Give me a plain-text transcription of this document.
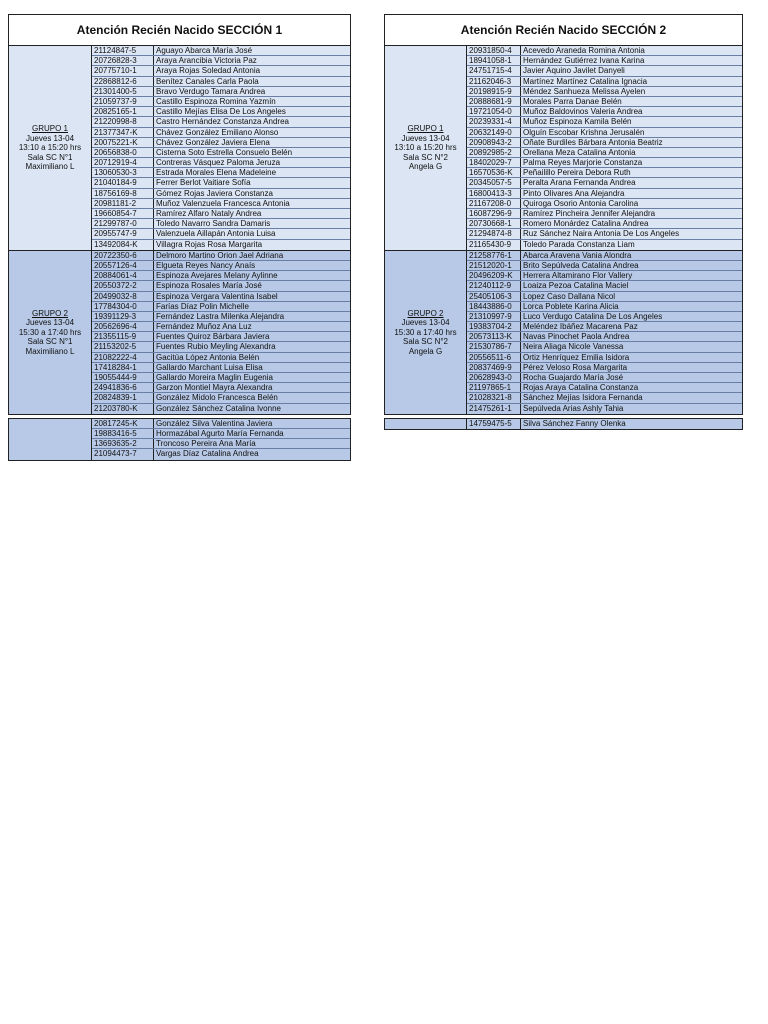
Atención Recién Nacido SECCIÓN 1
GRUPO 1
Jueves 13-04
13:10 a 15:20 hrs
Sala SC N°1
Maximiliano L
21124847-5	Aguayo Abarca María José
20726828-3	Araya Arancibia Victoria Paz
20775710-1	Araya Rojas Soledad Antonia
22868812-6	Benítez Canales Carla Paola
21301400-5	Bravo Verdugo Tamara Andrea
21059737-9	Castillo Espinoza Romina Yazmín
20825165-1	Castillo Mejías Elisa De Los Angeles
21220998-8	Castro Hernández Constanza Andrea
21377347-K	Chávez González Emiliano Alonso
20075221-K	Chávez González Javiera Elena
20656838-0	Cisterna Soto Estrella Consuelo Belén
20712919-4	Contreras Vásquez Paloma Jeruza
13060530-3	Estrada Morales Elena Madeleine
21040184-9	Ferrer Berlot Vaitiare Sofía
18756169-8	Gómez Rojas Javiera Constanza
20981181-2	Muñoz Valenzuela Francesca Antonia
19660854-7	Ramírez Alfaro Nataly Andrea
21299787-0	Toledo Navarro Sandra Damaris
20955747-9	Valenzuela Aillapán Antonia Luisa
13492084-K	Villagra Rojas Rosa Margarita
GRUPO 2
Jueves 13-04
15:30 a 17:40 hrs
Sala SC N°1
Maximiliano L
20722350-6	Delmoro Martino Orion Jael Adriana
20557126-4	Elgueta Reyes Nancy Anaís
20884061-4	Espinoza Avejares Melany Aylinne
20550372-2	Espinoza Rosales María José
20499032-8	Espinoza Vergara Valentina Isabel
17784304-0	Farías Díaz Polin Michelle
19391129-3	Fernández Lastra Milenka Alejandra
20562696-4	Fernández Muñoz Ana Luz
21355115-9	Fuentes Quiroz Bárbara Javiera
21153202-5	Fuentes Rubio Meyling Alexandra
21082222-4	Gacitúa López Antonia Belén
17418284-1	Gallardo Marchant Luisa Elisa
19055444-9	Gallardo Moreira Maglin Eugenia
24941836-6	Garzon Montiel Mayra Alexandra
20824839-1	González Midolo Francesca Belén
21203780-K	González Sánchez Catalina Ivonne
20817245-K	González Silva Valentina Javiera
19883416-5	Hormazábal Agurto María Fernanda
13693635-2	Troncoso Pereira Ana María
21094473-7	Vargas Díaz Catalina Andrea
Atención Recién Nacido SECCIÓN 2
GRUPO 1
Jueves 13-04
13:10 a 15:20 hrs
Sala SC N°2
Angela G
20931850-4	Acevedo Araneda Romina Antonia
18941058-1	Hernández Gutiérrez Ivana Karina
24751715-4	Javier Aquino Javilet Danyeli
21162046-3	Martínez Martínez Catalina Ignacia
20198915-9	Méndez Sanhueza Melissa Ayelen
20888681-9	Morales Parra Danae Belén
19721054-0	Muñoz Baldovinos Valeria Andrea
20239331-4	Muñoz Espinoza Kamila Belén
20632149-0	Olguín Escobar Krishna Jerusalén
20908943-2	Oñate Burdiles Bárbara Antonia Beatriz
20892985-2	Orellana Meza Catalina Antonia
18402029-7	Palma Reyes Marjorie Constanza
16570536-K	Peñailillo Pereira Debora Ruth
20345057-5	Peralta Arana Fernanda Andrea
16800413-3	Pinto Olivares Ana Alejandra
21167208-0	Quiroga Osorio Antonia Carolina
16087296-9	Ramírez Pincheira Jennifer Alejandra
20730668-1	Romero Monárdez Catalina Andrea
21294874-8	Ruz Sánchez Naira Antonia De Los Angeles
21165430-9	Toledo Parada Constanza Liam
GRUPO 2
Jueves 13-04
15:30 a 17:40 hrs
Sala SC N°2
Angela G
21258776-1	Abarca Aravena Vania Alondra
21512020-1	Brito Sepúlveda Catalina Andrea
20496209-K	Herrera Altamirano Flor Vallery
21240112-9	Loaiza Pezoa Catalina Maciel
25405106-3	Lopez Caso Dallana Nicol
18443886-0	Lorca Poblete Karina Alicia
21310997-9	Luco Verdugo Catalina De Los Angeles
19383704-2	Meléndez Ibáñez Macarena Paz
20573113-K	Navas Pinochet Paola Andrea
21530786-7	Neira Aliaga Nicole Vanessa
20556511-6	Ortiz Henríquez Emilia Isidora
20837469-9	Pérez Veloso Rosa Margarita
20628943-0	Rocha Guajardo María José
21197865-1	Rojas Araya Catalina Constanza
21028321-8	Sánchez Mejías Isidora Fernanda
21475261-1	Sepúlveda Arias Ashly Tahia
14759475-5	Silva Sánchez Fanny Olenka
